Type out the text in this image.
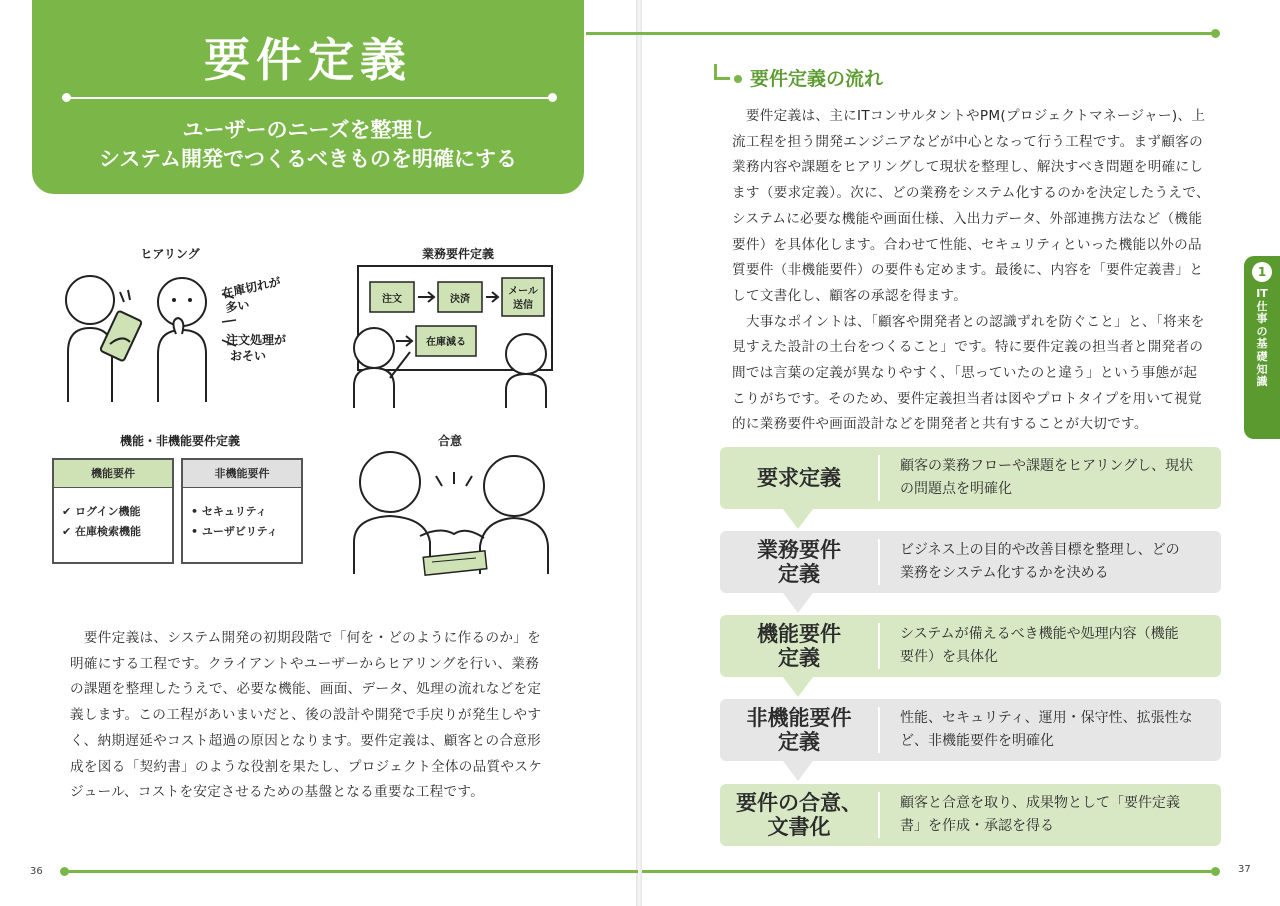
要件定義
ユーザーのニーズを整理し
システム開発でつくるべきものを明確にする
ヒアリング
在庫切れが
多い
注文処理が
おそい
業務要件定義
注文	決済
メール
送信
在庫減る
機能・非機能要件定義
機能要件
✔ ログイン機能
✔ 在庫検索機能
非機能要件
• セキュリティ
• ユーザビリティ
合意
　要件定義は、システム開発の初期段階で「何を・どのように作るのか」を
明確にする工程です。クライアントやユーザーからヒアリングを行い、業務
の課題を整理したうえで、必要な機能、画面、データ、処理の流れなどを定
義します。この工程があいまいだと、後の設計や開発で手戻りが発生しやす
く、納期遅延やコスト超過の原因となります。要件定義は、顧客との合意形
成を図る「契約書」のような役割を果たし、プロジェクト全体の品質やスケ
ジュール、コストを安定させるための基盤となる重要な工程です。
36
要件定義の流れ
　要件定義は、主にITコンサルタントやPM(プロジェクトマネージャー)、上
流工程を担う開発エンジニアなどが中心となって行う工程です。まず顧客の
業務内容や課題をヒアリングして現状を整理し、解決すべき問題を明確にし
ます（要求定義）。次に、どの業務をシステム化するのかを決定したうえで、
システムに必要な機能や画面仕様、入出力データ、外部連携方法など（機能
要件）を具体化します。合わせて性能、セキュリティといった機能以外の品
質要件（非機能要件）の要件も定めます。最後に、内容を「要件定義書」と
して文書化し、顧客の承認を得ます。
　大事なポイントは、「顧客や開発者との認識ずれを防ぐこと」と、「将来を
見すえた設計の土台をつくること」です。特に要件定義の担当者と開発者の
間では言葉の定義が異なりやすく、「思っていたのと違う」という事態が起
こりがちです。そのため、要件定義担当者は図やプロトタイプを用いて視覚
的に業務要件や画面設計などを開発者と共有することが大切です。
要求定義	顧客の業務フローや課題をヒアリングし、現状
の問題点を明確化
業務要件
定義
ビジネス上の目的や改善目標を整理し、どの
業務をシステム化するかを決める
機能要件
定義
システムが備えるべき機能や処理内容（機能
要件）を具体化
非機能要件
定義
性能、セキュリティ、運用・保守性、拡張性な
ど、非機能要件を明確化
要件の合意、
文書化
顧客と合意を取り、成果物として「要件定義
書」を作成・承認を得る
1
IT仕事の基礎知識
37
